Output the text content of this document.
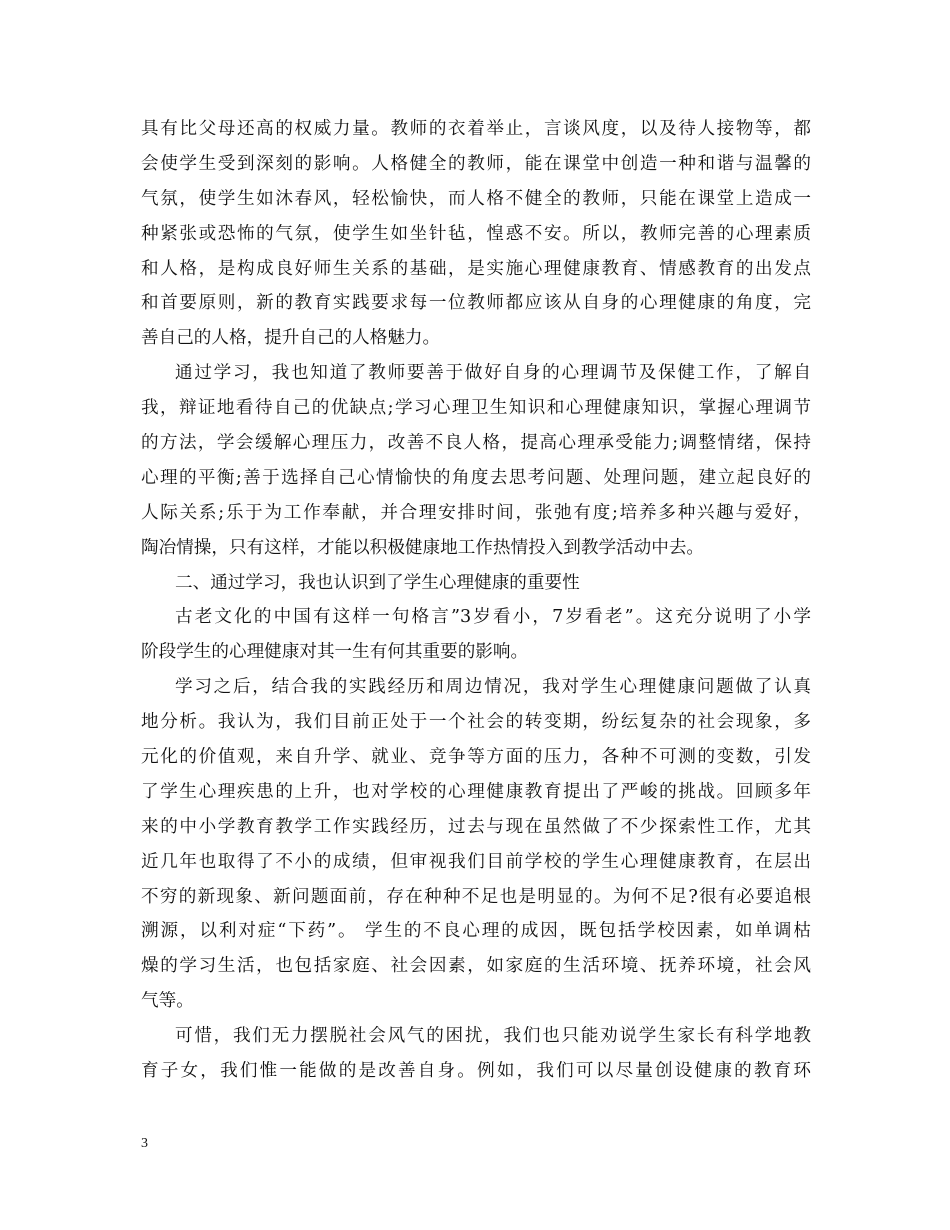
具有比父母还高的权威力量。教师的衣着举止，言谈风度，以及待人接物等，都
会使学生受到深刻的影响。人格健全的教师，能在课堂中创造一种和谐与温馨的
气氛，使学生如沐春风，轻松愉快，而人格不健全的教师，只能在课堂上造成一
种紧张或恐怖的气氛，使学生如坐针毡，惶惑不安。所以，教师完善的心理素质
和人格，是构成良好师生关系的基础，是实施心理健康教育、情感教育的出发点
和首要原则，新的教育实践要求每一位教师都应该从自身的心理健康的角度，完
善自己的人格，提升自己的人格魅力。
通过学习，我也知道了教师要善于做好自身的心理调节及保健工作，了解自
我，辩证地看待自己的优缺点;学习心理卫生知识和心理健康知识，掌握心理调节
的方法，学会缓解心理压力，改善不良人格，提高心理承受能力;调整情绪，保持
心理的平衡;善于选择自己心情愉快的角度去思考问题、处理问题，建立起良好的
人际关系;乐于为工作奉献，并合理安排时间，张弛有度;培养多种兴趣与爱好，
陶冶情操，只有这样，才能以积极健康地工作热情投入到教学活动中去。
二、通过学习，我也认识到了学生心理健康的重要性
古老文化的中国有这样一句格言”3岁看小，7岁看老”。这充分说明了小学
阶段学生的心理健康对其一生有何其重要的影响。
学习之后，结合我的实践经历和周边情况，我对学生心理健康问题做了认真
地分析。我认为，我们目前正处于一个社会的转变期，纷纭复杂的社会现象，多
元化的价值观，来自升学、就业、竞争等方面的压力，各种不可测的变数，引发
了学生心理疾患的上升，也对学校的心理健康教育提出了严峻的挑战。回顾多年
来的中小学教育教学工作实践经历，过去与现在虽然做了不少探索性工作，尤其
近几年也取得了不小的成绩，但审视我们目前学校的学生心理健康教育，在层出
不穷的新现象、新问题面前，存在种种不足也是明显的。为何不足?很有必要追根
溯源，以利对症“下药”。 学生的不良心理的成因，既包括学校因素，如单调枯
燥的学习生活，也包括家庭、社会因素，如家庭的生活环境、抚养环境，社会风
气等。
可惜，我们无力摆脱社会风气的困扰，我们也只能劝说学生家长有科学地教
育子女，我们惟一能做的是改善自身。例如，我们可以尽量创设健康的教育环
3
